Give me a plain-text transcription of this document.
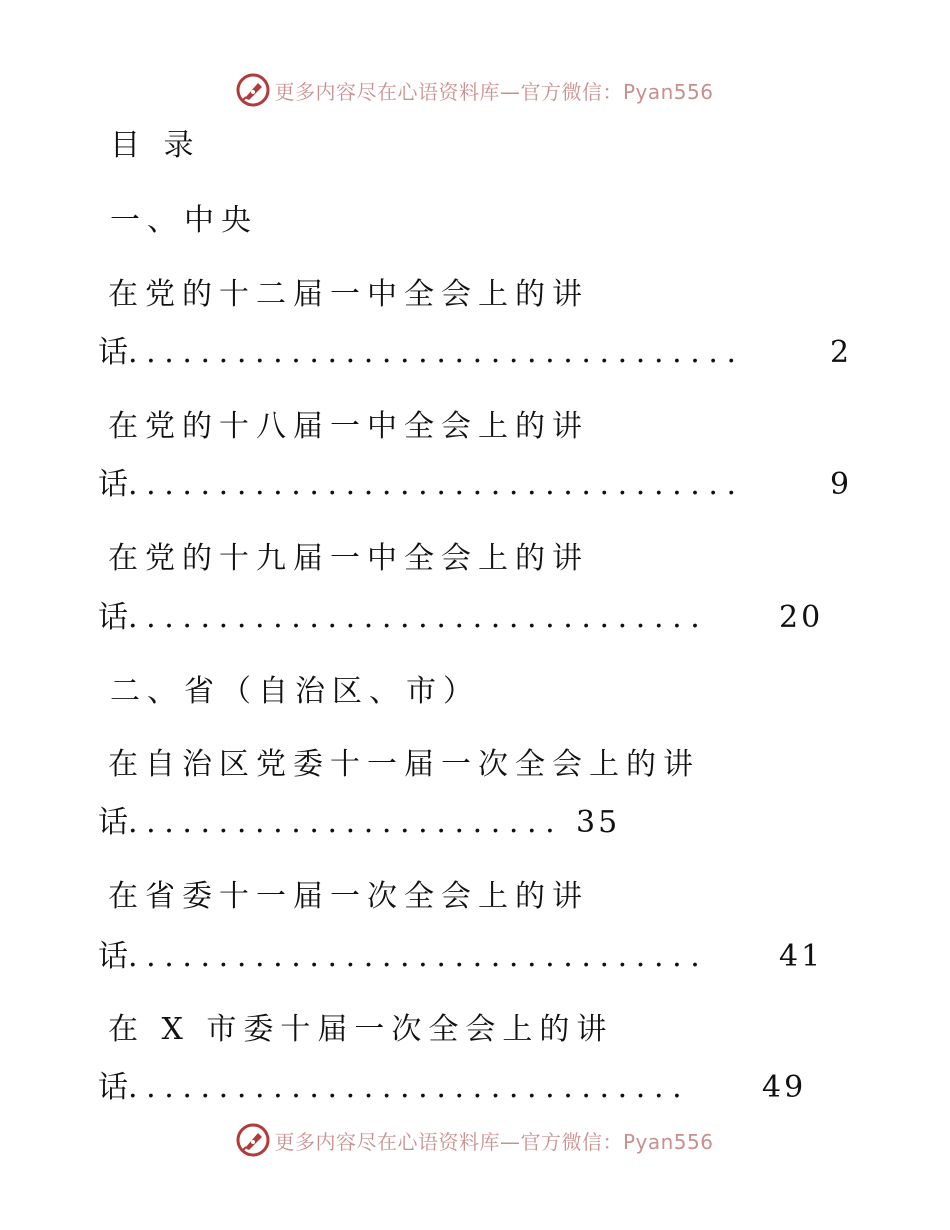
更多内容尽在心语资料库—官方微信：Pyan556
目 录
一、中央
在党的十二届一中全会上的讲
话..................................	2
在党的十八届一中全会上的讲
话..................................	9
在党的十九届一中全会上的讲
话................................ 20
二、省（自治区、市）
在自治区党委十一届一次全会上的讲
话........................ 35
在省委十一届一次全会上的讲
话................................ 41
在 X 市委十届一次全会上的讲
话............................... 49
更多内容尽在心语资料库—官方微信：Pyan556
